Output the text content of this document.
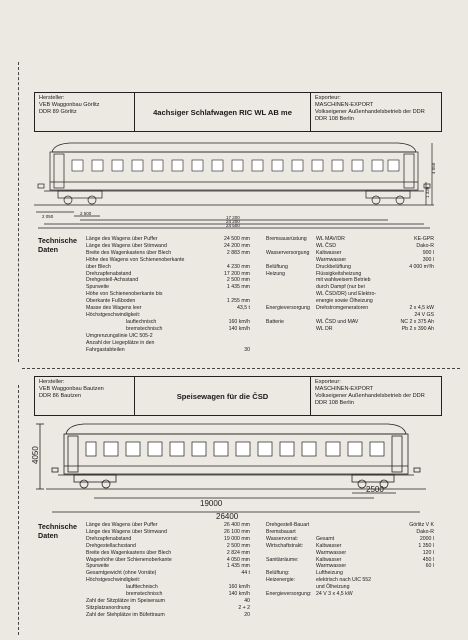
Hersteller:
VEB Waggonbau Görlitz
DDR 89 Görlitz	4achsiger Schlafwagen RIC WL AB me
Exporteur:
MASCHINEN-EXPORT
Volkseigener Außenhandelsbetrieb der DDR
DDR 108 Berlin
2 050
2 500
17 200
24 200
24 500
4 050
1 330
Technische
Daten
Länge des Wagens über Puffer	24 500 mm
Länge des Wagens über Stirnwand	24 200 mm
Breite des Wagenkastens über Blech	2 883 mm
Höhe des Wagens von Schienenoberkante
über Blech	4 230 mm
Drehzapfenabstand	17 200 mm
Drehgestell-Achsstand	2 500 mm
Spurweite	1 435 mm
Höhe von Schienenoberkante bis
Oberkante Fußboden	1 255 mm
Masse des Wagens leer	43,5 t
Höchstgeschwindigkeit:
lauftechnisch	160 km/h
bremstechnisch	140 km/h
Umgrenzungslinie UIC 505-2
Anzahl der Liegeplätze in den
Fahrgastabteilen	30
Bremsausrüstung	WL MAV/DR	KE-GPR
WL ČSD	Dako-R
Wasserversorgung	Kaltwasser	900 l
Warmwasser	300 l
Belüftung	Druckbelüftung	4 000 m³/h
Heizung	Flüssigkeitsheizung
mit wahlweisem Betrieb
durch Dampf (nur bei
WL ČSD/DR) und Elektro-
energie sowie Ölheizung
Energieversorgung	Drehstromgeneratoren	2 x 4,5 kW
24 V GS
Batterie	WL ČSD und MAV	NC 2 x 375 Ah
WL DR	Pb 2 x 390 Ah
Hersteller:
VEB Waggonbau Bautzen
DDR 86 Bautzen	Speisewagen für die ČSD
Exporteur:
MASCHINEN-EXPORT
Volkseigener Außenhandelsbetrieb der DDR
DDR 108 Berlin
4050
19000
2500
26400
Technische
Daten
Länge des Wagens über Puffer	26 400 mm
Länge des Wagens über Stirnwand	26 100 mm
Drehzapfenabstand	19 000 mm
Drehgestellachsstand	2 500 mm
Breite des Wagenkastens über Blech	2 824 mm
Wagenhöhe über Schienenoberkante	4 050 mm
Spurweite	1 435 mm
Gesamtgewicht (ohne Vorräte)	44 t
Höchstgeschwindigkeit:
laufttechnisch	160 km/h
bremstechnisch	140 km/h
Zahl der Sitzplätze im Speiseraum	40
Sitzplatzanordnung	2 + 2
Zahl der Stehplätze im Büfettraum	20
Drehgestell-Bauart	Görlitz V K
Bremsbauart	Dako-R
Wasservorrat:	Gesamt	2000 l
Wirtschaftstrakt:	Kaltwasser	1 350 l
Warmwasser	120 l
Sanitärräume:	Kaltwasser	450 l
Warmwasser	60 l
Belüftung:	Luftheizung
Heizenergie:	elektrisch nach UIC 552
und Ölheizung
Energieversorgung: 24 V 3 x 4,5 kW
